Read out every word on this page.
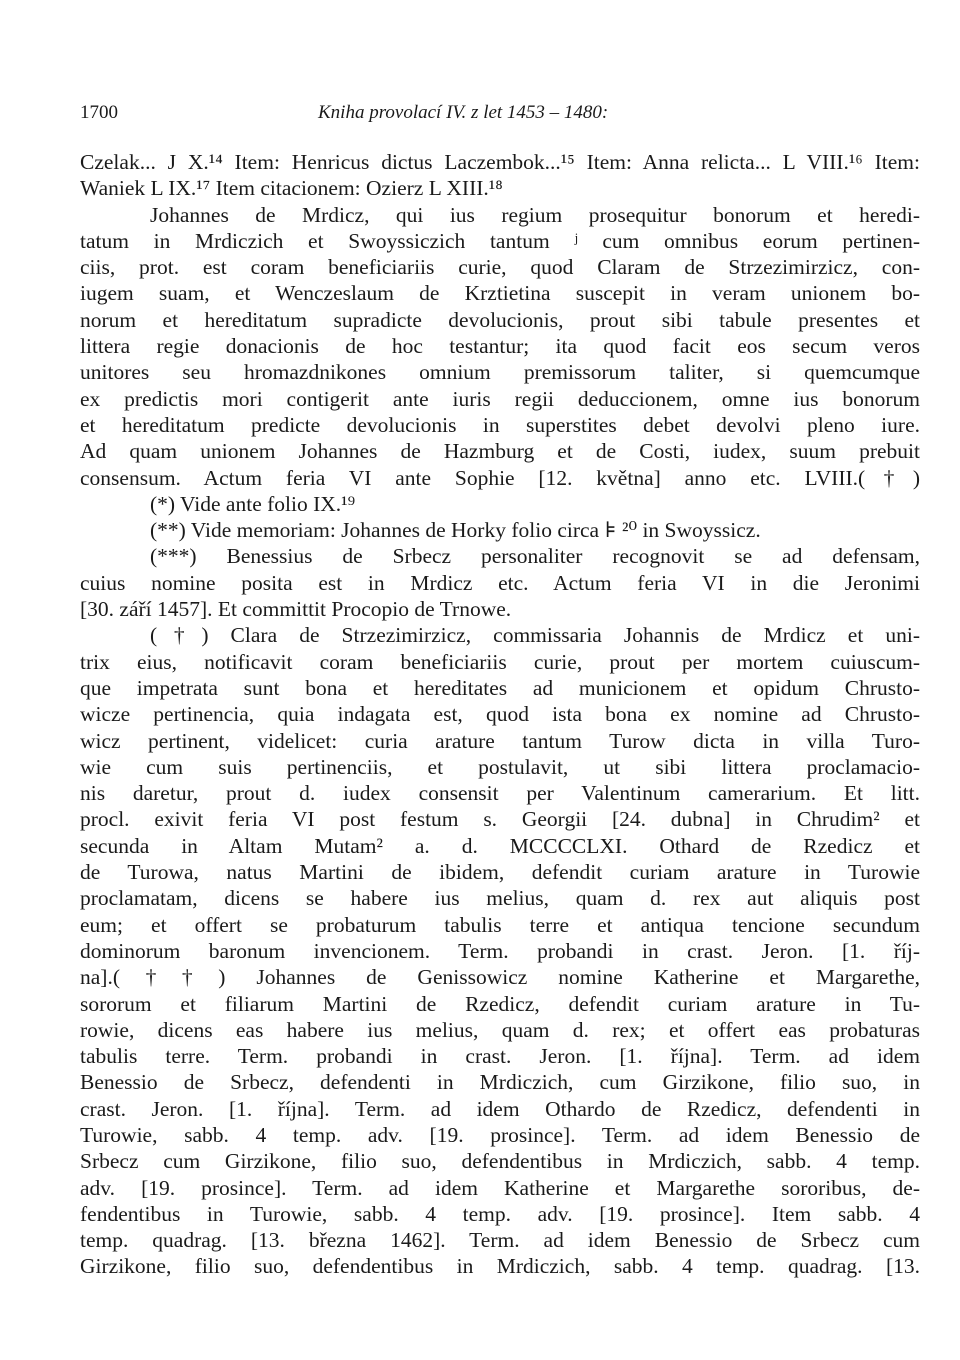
1700	Kniha provolací IV. z let 1453 – 1480:
Czelak... J X.¹⁴ Item: Henricus dictus Laczembok...¹⁵ Item: Anna relicta... L VIII.¹⁶ Item:
Waniek L IX.¹⁷ Item citacionem: Ozierz L XIII.¹⁸
Johannes de Mrdicz, qui ius regium prosequitur bonorum et heredi-
tatum in Mrdiczich et Swoyssiczich tantum ʲ cum omnibus eorum pertinen-
ciis, prot. est coram beneficiariis curie, quod Claram de Strzezimirzicz, con-
iugem suam, et Wenczeslaum de Krztietina suscepit in veram unionem bo-
norum et hereditatum supradicte devolucionis, prout sibi tabule presentes et
littera regie donacionis de hoc testantur; ita quod facit eos secum veros
unitores seu hromazdnikones omnium premissorum taliter, si quemcumque
ex predictis mori contigerit ante iuris regii deduccionem, omne ius bonorum
et hereditatum predicte devolucionis in superstites debet devolvi pleno iure.
Ad quam unionem Johannes de Hazmburg et de Costi, iudex, suum prebuit
consensum. Actum feria VI ante Sophie [12. května] anno etc. LVIII.(†)
(*) Vide ante folio IX.¹⁹
(**) Vide memoriam: Johannes de Horky folio circa ⊧ ²⁰ in Swoyssicz.
(***) Benessius de Srbecz personaliter recognovit se ad defensam,
cuius nomine posita est in Mrdicz etc. Actum feria VI in die Jeronimi
[30. září 1457]. Et committit Procopio de Trnowe.
(†) Clara de Strzezimirzicz, commissaria Johannis de Mrdicz et uni-
trix eius, notificavit coram beneficiariis curie, prout per mortem cuiuscum-
que impetrata sunt bona et hereditates ad municionem et opidum Chrusto-
wicze pertinencia, quia indagata est, quod ista bona ex nomine ad Chrusto-
wicz pertinent, videlicet: curia arature tantum Turow dicta in villa Turo-
wie cum suis pertinenciis, et postulavit, ut sibi littera proclamacio-
nis daretur, prout d. iudex consensit per Valentinum camerarium. Et litt.
procl. exivit feria VI post festum s. Georgii [24. dubna] in Chrudim² et
secunda in Altam Mutam² a. d. MCCCCLXI. Othard de Rzedicz et
de Turowa, natus Martini de ibidem, defendit curiam arature in Turowie
proclamatam, dicens se habere ius melius, quam d. rex aut aliquis post
eum; et offert se probaturum tabulis terre et antiqua tencione secundum
dominorum baronum invencionem. Term. probandi in crast. Jeron. [1. říj-
na].(††) Johannes de Genissowicz nomine Katherine et Margarethe,
sororum et filiarum Martini de Rzedicz, defendit curiam arature in Tu-
rowie, dicens eas habere ius melius, quam d. rex; et offert eas probaturas
tabulis terre. Term. probandi in crast. Jeron. [1. října]. Term. ad idem
Benessio de Srbecz, defendenti in Mrdiczich, cum Girzikone, filio suo, in
crast. Jeron. [1. října]. Term. ad idem Othardo de Rzedicz, defendenti in
Turowie, sabb. 4 temp. adv. [19. prosince]. Term. ad idem Benessio de
Srbecz cum Girzikone, filio suo, defendentibus in Mrdiczich, sabb. 4 temp.
adv. [19. prosince]. Term. ad idem Katherine et Margarethe sororibus, de-
fendentibus in Turowie, sabb. 4 temp. adv. [19. prosince]. Item sabb. 4
temp. quadrag. [13. března 1462]. Term. ad idem Benessio de Srbecz cum
Girzikone, filio suo, defendentibus in Mrdiczich, sabb. 4 temp. quadrag. [13.
